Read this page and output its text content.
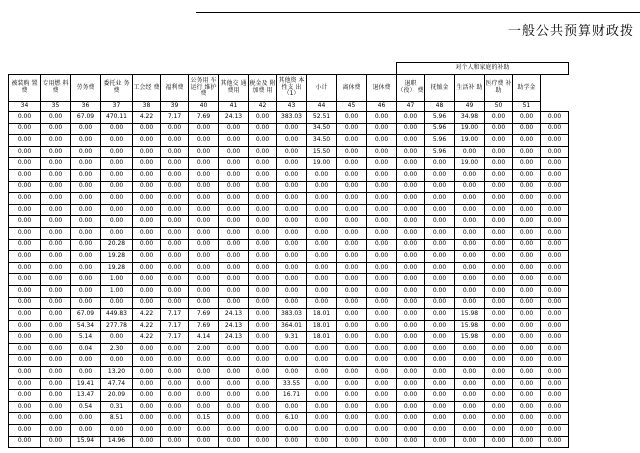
一般公共预算财政拨
													对个人和家庭的补助					
被装购 置费	专用燃 料费	劳务费	委托业 务费	工会经 费	福利费	公务用 车运行 维护费	其他交 通费用	税金及 附加费 用	其他资 本性支 出（1）	小计	离休费	退休费	退职 （役） 费	抚恤金	生活补 助	医疗费 补助	助学金	
34	35	36	37	38	39	40	41	42	43	44	45	46	47	48	49	50	51	
0.00	0.00	67.09	470.11	4.22	7.17	7.69	24.13	0.00	383.03	52.51	0.00	0.00	0.00	5.96	34.98	0.00	0.00	0.00
0.00	0.00	0.00	0.00	0.00	0.00	0.00	0.00	0.00	0.00	34.50	0.00	0.00	0.00	5.96	19.00	0.00	0.00	0.00
0.00	0.00	0.00	0.00	0.00	0.00	0.00	0.00	0.00	0.00	34.50	0.00	0.00	0.00	5.96	19.00	0.00	0.00	0.00
0.00	0.00	0.00	0.00	0.00	0.00	0.00	0.00	0.00	0.00	15.50	0.00	0.00	0.00	5.96	0.00	0.00	0.00	0.00
0.00	0.00	0.00	0.00	0.00	0.00	0.00	0.00	0.00	0.00	19.00	0.00	0.00	0.00	0.00	19.00	0.00	0.00	0.00
0.00	0.00	0.00	0.00	0.00	0.00	0.00	0.00	0.00	0.00	0.00	0.00	0.00	0.00	0.00	0.00	0.00	0.00	0.00
0.00	0.00	0.00	0.00	0.00	0.00	0.00	0.00	0.00	0.00	0.00	0.00	0.00	0.00	0.00	0.00	0.00	0.00	0.00
0.00	0.00	0.00	0.00	0.00	0.00	0.00	0.00	0.00	0.00	0.00	0.00	0.00	0.00	0.00	0.00	0.00	0.00	0.00
0.00	0.00	0.00	0.00	0.00	0.00	0.00	0.00	0.00	0.00	0.00	0.00	0.00	0.00	0.00	0.00	0.00	0.00	0.00
0.00	0.00	0.00	0.00	0.00	0.00	0.00	0.00	0.00	0.00	0.00	0.00	0.00	0.00	0.00	0.00	0.00	0.00	0.00
0.00	0.00	0.00	0.00	0.00	0.00	0.00	0.00	0.00	0.00	0.00	0.00	0.00	0.00	0.00	0.00	0.00	0.00	0.00
0.00	0.00	0.00	20.28	0.00	0.00	0.00	0.00	0.00	0.00	0.00	0.00	0.00	0.00	0.00	0.00	0.00	0.00	0.00
0.00	0.00	0.00	19.28	0.00	0.00	0.00	0.00	0.00	0.00	0.00	0.00	0.00	0.00	0.00	0.00	0.00	0.00	0.00
0.00	0.00	0.00	19.28	0.00	0.00	0.00	0.00	0.00	0.00	0.00	0.00	0.00	0.00	0.00	0.00	0.00	0.00	0.00
0.00	0.00	0.00	1.00	0.00	0.00	0.00	0.00	0.00	0.00	0.00	0.00	0.00	0.00	0.00	0.00	0.00	0.00	0.00
0.00	0.00	0.00	1.00	0.00	0.00	0.00	0.00	0.00	0.00	0.00	0.00	0.00	0.00	0.00	0.00	0.00	0.00	0.00
0.00	0.00	0.00	0.00	0.00	0.00	0.00	0.00	0.00	0.00	0.00	0.00	0.00	0.00	0.00	0.00	0.00	0.00	0.00
0.00	0.00	67.09	449.83	4.22	7.17	7.69	24.13	0.00	383.03	18.01	0.00	0.00	0.00	0.00	15.98	0.00	0.00	0.00
0.00	0.00	54.34	277.78	4.22	7.17	7.69	24.13	0.00	364.01	18.01	0.00	0.00	0.00	0.00	15.98	0.00	0.00	0.00
0.00	0.00	5.14	0.00	4.22	7.17	4.14	24.13	0.00	9.31	18.01	0.00	0.00	0.00	0.00	15.98	0.00	0.00	0.00
0.00	0.00	0.04	2.30	0.00	0.00	2.00	0.00	0.00	0.00	0.00	0.00	0.00	0.00	0.00	0.00	0.00	0.00	0.00
0.00	0.00	0.00	0.00	0.00	0.00	0.00	0.00	0.00	0.00	0.00	0.00	0.00	0.00	0.00	0.00	0.00	0.00	0.00
0.00	0.00	0.00	13.20	0.00	0.00	0.00	0.00	0.00	0.00	0.00	0.00	0.00	0.00	0.00	0.00	0.00	0.00	0.00
0.00	0.00	19.41	47.74	0.00	0.00	0.00	0.00	0.00	33.55	0.00	0.00	0.00	0.00	0.00	0.00	0.00	0.00	0.00
0.00	0.00	13.47	20.09	0.00	0.00	0.00	0.00	0.00	16.71	0.00	0.00	0.00	0.00	0.00	0.00	0.00	0.00	0.00
0.00	0.00	0.54	0.31	0.00	0.00	0.00	0.00	0.00	0.00	0.00	0.00	0.00	0.00	0.00	0.00	0.00	0.00	0.00
0.00	0.00	0.00	8.51	0.00	0.00	0.15	0.00	0.00	6.10	0.00	0.00	0.00	0.00	0.00	0.00	0.00	0.00	0.00
0.00	0.00	0.00	0.00	0.00	0.00	0.00	0.00	0.00	0.00	0.00	0.00	0.00	0.00	0.00	0.00	0.00	0.00	0.00
0.00	0.00	15.94	14.96	0.00	0.00	0.00	0.00	0.00	0.00	0.00	0.00	0.00	0.00	0.00	0.00	0.00	0.00	0.00
